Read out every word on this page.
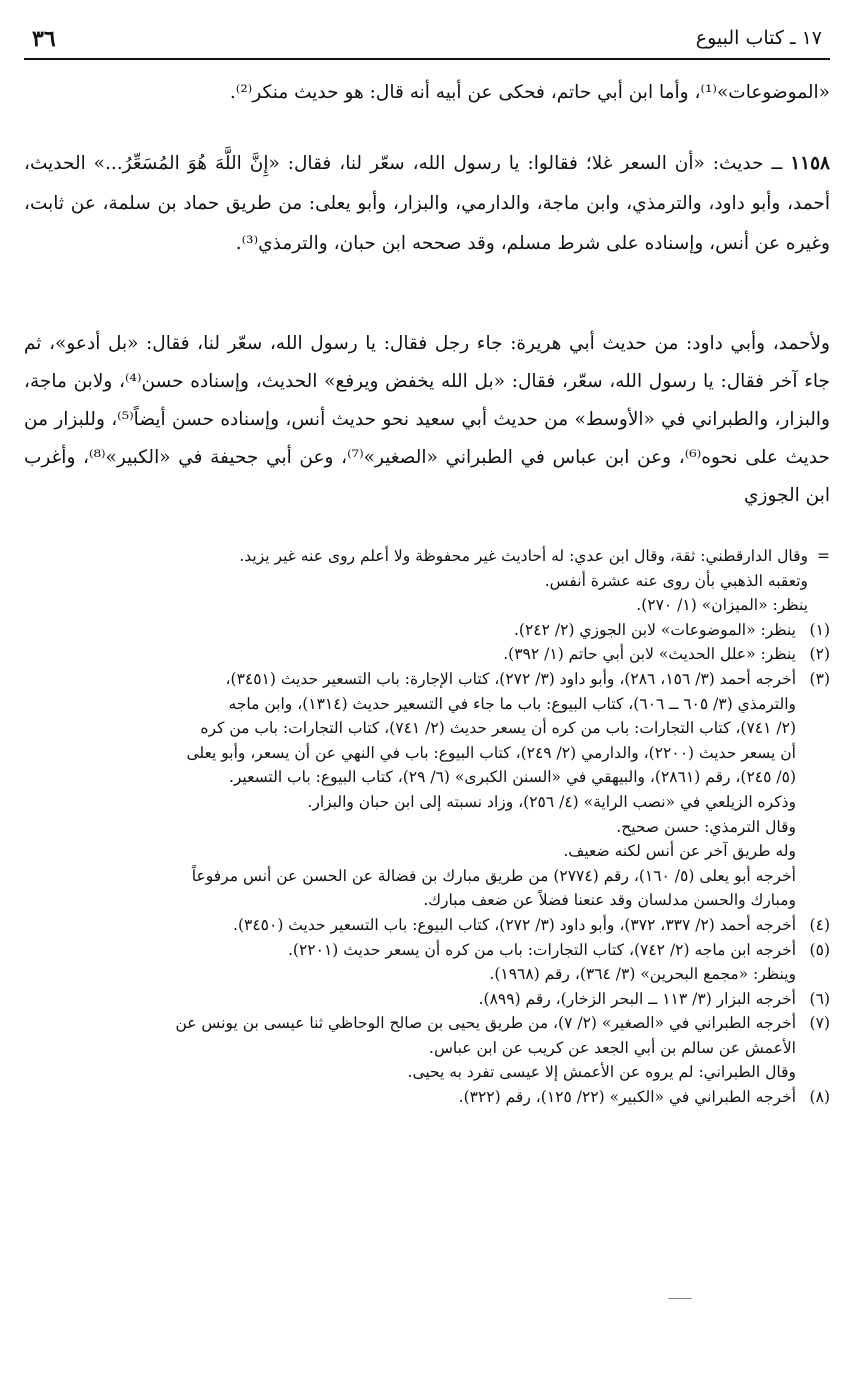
٣٦	١٧ ـ كتاب البيوع
«الموضوعات»⁽¹⁾، وأما ابن أبي حاتم، فحكى عن أبيه أنه قال: هو حديث منكر⁽²⁾.
١١٥٨ ــ حديث: «أن السعر غلا؛ فقالوا: يا رسول الله، سعّر لنا، فقال: «إِنَّ اللَّهَ هُوَ المُسَعِّرُ...» الحديث، أحمد، وأبو داود، والترمذي، وابن ماجة، والدارمي، والبزار، وأبو يعلى: من طريق حماد بن سلمة، عن ثابت، وغيره عن أنس، وإسناده على شرط مسلم، وقد صححه ابن حبان، والترمذي⁽³⁾.
ولأحمد، وأبي داود: من حديث أبي هريرة: جاء رجل فقال: يا رسول الله، سعّر لنا، فقال: «بل أدعو»، ثم جاء آخر فقال: يا رسول الله، سعّر، فقال: «بل الله يخفض ويرفع» الحديث، وإسناده حسن⁽⁴⁾، ولابن ماجة، والبزار، والطبراني في «الأوسط» من حديث أبي سعيد نحو حديث أنس، وإسناده حسن أيضاً⁽⁵⁾، وللبزار من حديث على نحوه⁽⁶⁾، وعن ابن عباس في الطبراني «الصغير»⁽⁷⁾، وعن أبي جحيفة في «الكبير»⁽⁸⁾، وأغرب ابن الجوزي
=
وقال الدارقطني: ثقة، وقال ابن عدي: له أحاديث غير محفوظة ولا أعلم روى عنه غير يزيد.
وتعقبه الذهبي بأن روى عنه عشرة أنفس.
ينظر: «الميزان» (١/ ٢٧٠).
(١)
ينظر: «الموضوعات» لابن الجوزي (٢/ ٢٤٢).
(٢)
ينظر: «علل الحديث» لابن أبي حاتم (١/ ٣٩٢).
(٣)
أخرجه أحمد (٣/ ١٥٦، ٢٨٦)، وأبو داود (٣/ ٢٧٢)، كتاب الإجارة: باب التسعير حديث (٣٤٥١)،
والترمذي (٣/ ٦٠٥ ــ ٦٠٦)، كتاب البيوع: باب ما جاء في التسعير حديث (١٣١٤)، وابن ماجه
(٢/ ٧٤١)، كتاب التجارات: باب من كره أن يسعر حديث (٢/ ٧٤١)، كتاب التجارات: باب من كره
أن يسعر حديث (٢٢٠٠)، والدارمي (٢/ ٢٤٩)، كتاب البيوع: باب في النهي عن أن يسعر، وأبو يعلى
(٥/ ٢٤٥)، رقم (٢٨٦١)، والبيهقي في «السنن الكبرى» (٦/ ٢٩)، كتاب البيوع: باب التسعير.
وذكره الزيلعي في «نصب الراية» (٤/ ٢٥٦)، وزاد نسبته إلى ابن حبان والبزار.
وقال الترمذي: حسن صحيح.
وله طريق آخر عن أنس لكنه ضعيف.
أخرجه أبو يعلى (٥/ ١٦٠)، رقم (٢٧٧٤) من طريق مبارك بن فضالة عن الحسن عن أنس مرفوعاً
ومبارك والحسن مدلسان وقد عنعنا فضلاً عن ضعف مبارك.
(٤)
أخرجه أحمد (٢/ ٣٣٧، ٣٧٢)، وأبو داود (٣/ ٢٧٢)، كتاب البيوع: باب التسعير حديث (٣٤٥٠).
(٥)
أخرجه ابن ماجه (٢/ ٧٤٢)، كتاب التجارات: باب من كره أن يسعر حديث (٢٢٠١).
وينظر: «مجمع البحرين» (٣/ ٣٦٤)، رقم (١٩٦٨).
(٦)
أخرجه البزار (٣/ ١١٣ ــ البحر الزخار)، رقم (٨٩٩).
(٧)
أخرجه الطبراني في «الصغير» (٢/ ٧)، من طريق يحيى بن صالح الوحاظي ثنا عيسى بن يونس عن
الأعمش عن سالم بن أبي الجعد عن كريب عن ابن عباس.
وقال الطبراني: لم يروه عن الأعمش إلا عيسى تفرد به يحيى.
(٨)
أخرجه الطبراني في «الكبير» (٢٢/ ١٢٥)، رقم (٣٢٢).
